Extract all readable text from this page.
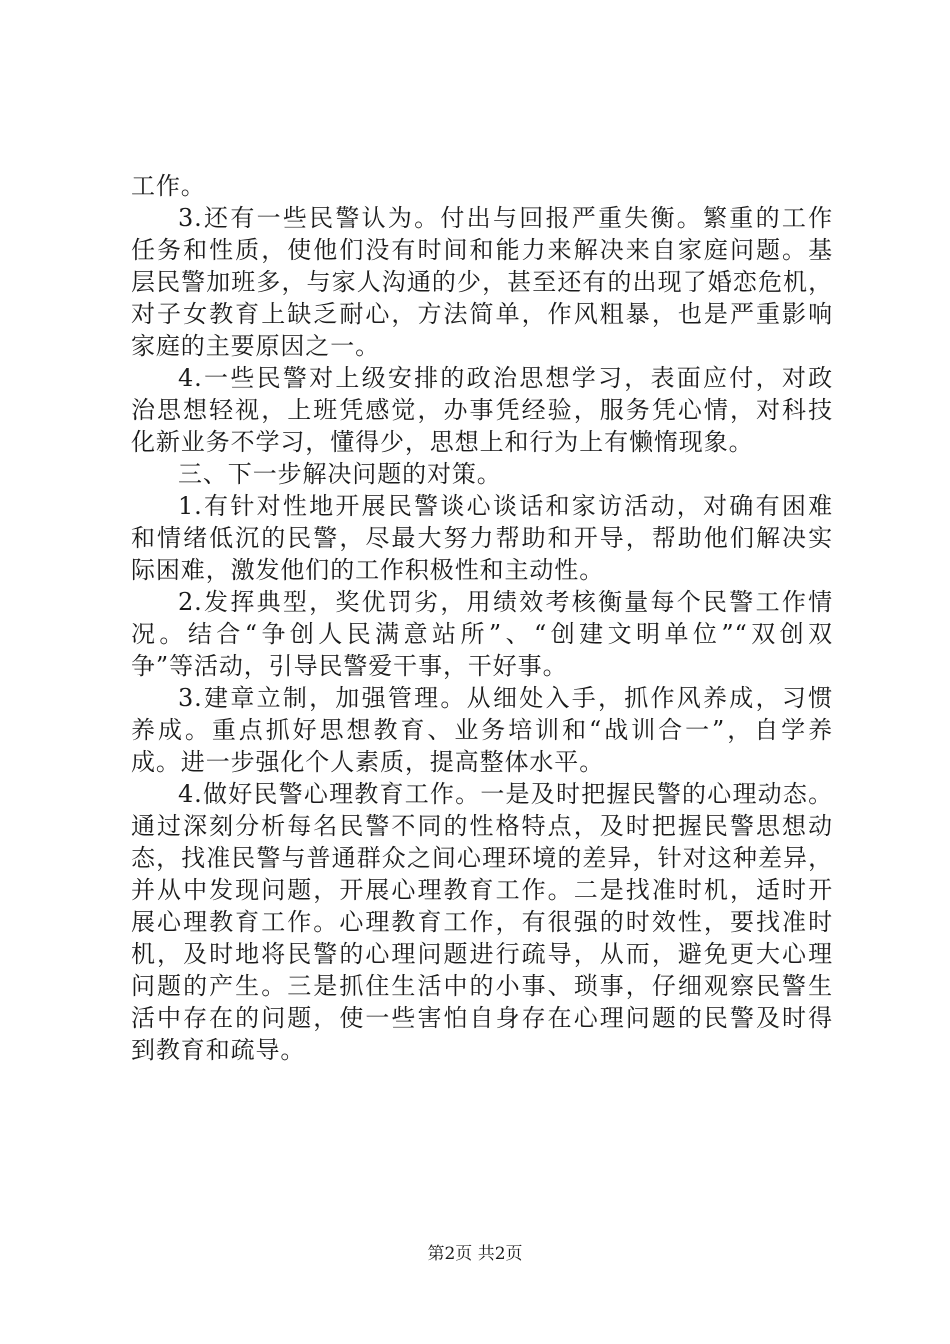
工作。
3.还有一些民警认为。付出与回报严重失衡。繁重的工作
任务和性质，使他们没有时间和能力来解决来自家庭问题。基
层民警加班多，与家人沟通的少，甚至还有的出现了婚恋危机，
对子女教育上缺乏耐心，方法简单，作风粗暴，也是严重影响
家庭的主要原因之一。
4.一些民警对上级安排的政治思想学习，表面应付，对政
治思想轻视，上班凭感觉，办事凭经验，服务凭心情，对科技
化新业务不学习，懂得少，思想上和行为上有懒惰现象。
三、下一步解决问题的对策。
1.有针对性地开展民警谈心谈话和家访活动，对确有困难
和情绪低沉的民警，尽最大努力帮助和开导，帮助他们解决实
际困难，激发他们的工作积极性和主动性。
2.发挥典型，奖优罚劣，用绩效考核衡量每个民警工作情
况。结合“争创人民满意站所”、“创建文明单位”“双创双
争”等活动，引导民警爱干事，干好事。
3.建章立制，加强管理。从细处入手，抓作风养成，习惯
养成。重点抓好思想教育、业务培训和“战训合一”，自学养
成。进一步强化个人素质，提高整体水平。
4.做好民警心理教育工作。一是及时把握民警的心理动态。
通过深刻分析每名民警不同的性格特点，及时把握民警思想动
态，找准民警与普通群众之间心理环境的差异，针对这种差异，
并从中发现问题，开展心理教育工作。二是找准时机，适时开
展心理教育工作。心理教育工作，有很强的时效性，要找准时
机，及时地将民警的心理问题进行疏导，从而，避免更大心理
问题的产生。三是抓住生活中的小事、琐事，仔细观察民警生
活中存在的问题，使一些害怕自身存在心理问题的民警及时得
到教育和疏导。
第2页 共2页
